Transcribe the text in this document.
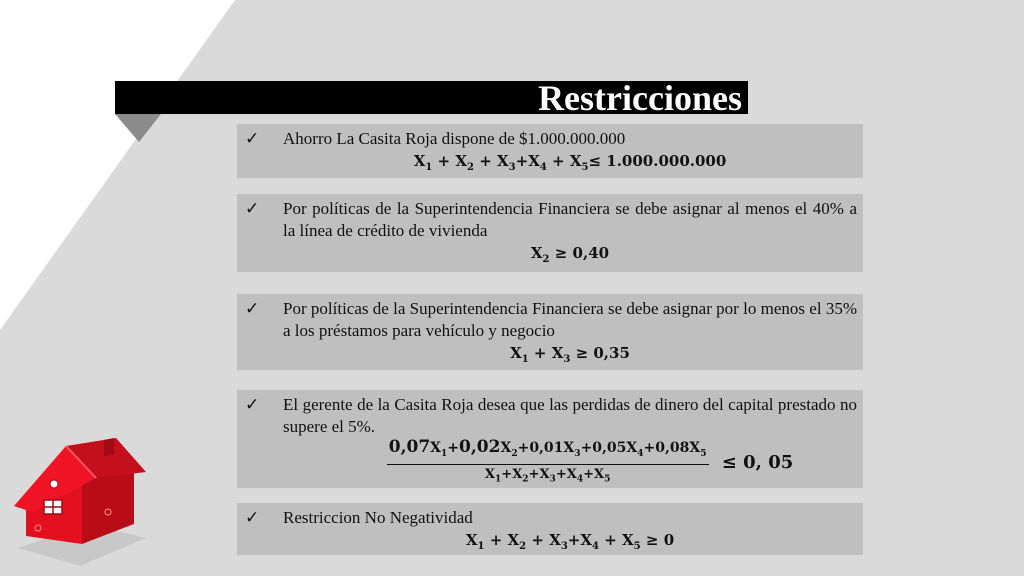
Restricciones
✓ Ahorro La Casita Roja dispone de $1.000.000.000
$X_1 + X_2 + X_3+X_4 + X_5\le 1.000.000.000$
✓ Por políticas de la Superintendencia Financiera se debe asignar al menos el 40% a la línea de crédito de vivienda
$X_2 \ge 0,40$
✓ Por políticas de la Superintendencia Financiera se debe asignar por lo menos el 35% a los préstamos para vehículo y negocio
$X_1 + X_3 \ge 0,35$
✓ El gerente de la Casita Roja desea que las perdidas de dinero del capital prestado no supere el 5%.
$\frac{0,07X_1+0,02X_2+0,01X_3+0,05X_4+0,08X_5}{X_1+X_2+X_3+X_4+X_5} \le 0$, 05
✓ Restriccion No Negatividad
$X_1 + X_2 + X_3+X_4 + X_5 \ge 0$
